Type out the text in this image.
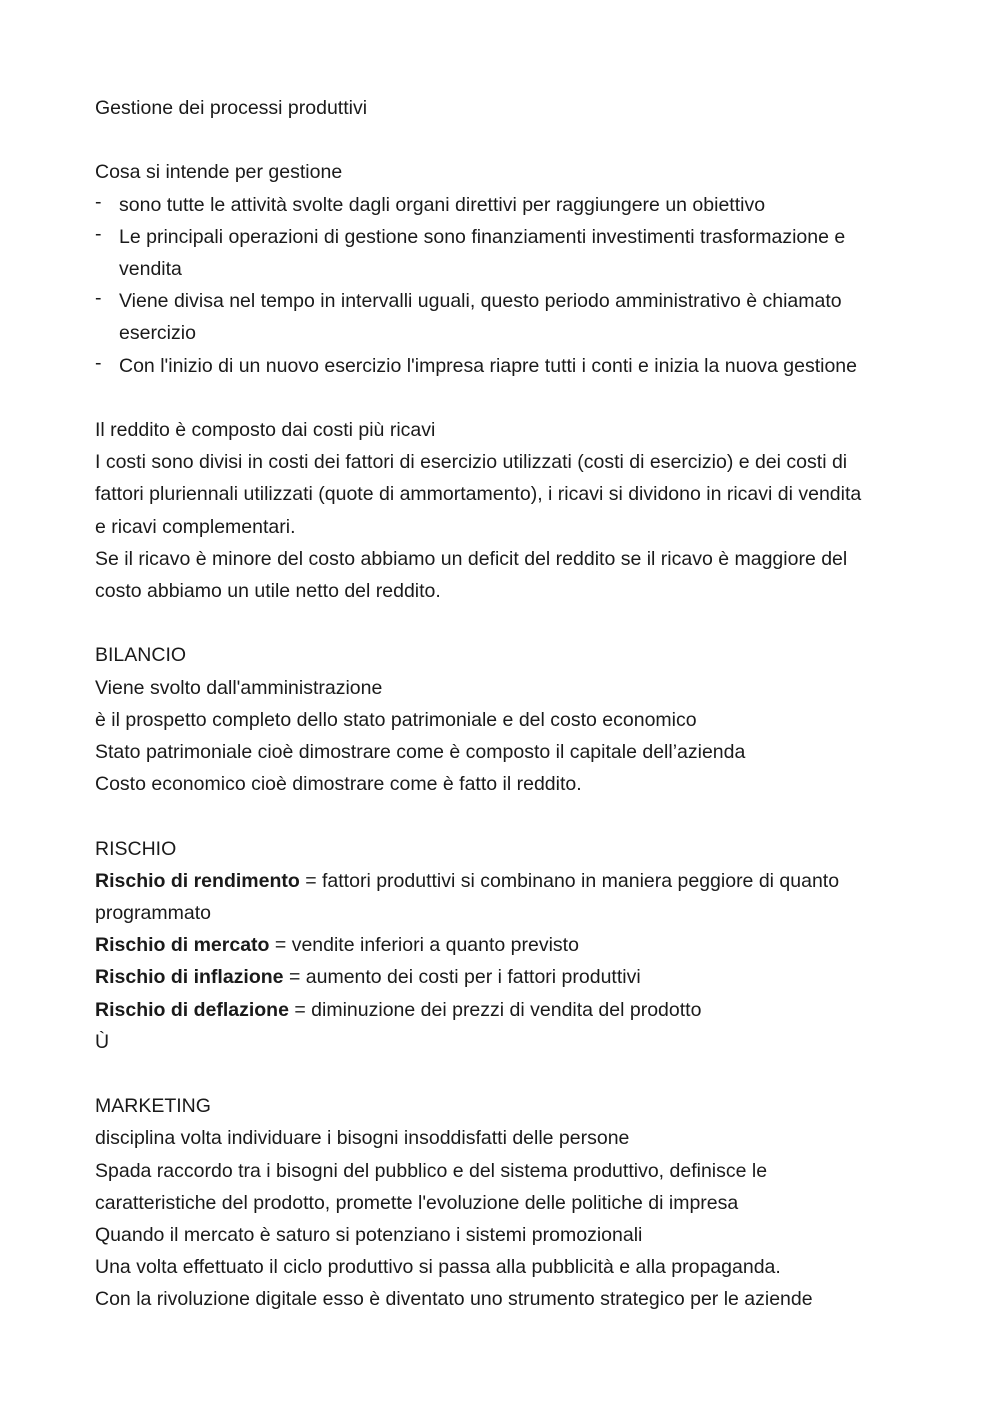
Gestione dei processi produttivi
Cosa si intende per gestione
- sono tutte le attività svolte dagli organi direttivi per raggiungere un obiettivo
- Le principali operazioni di gestione sono finanziamenti investimenti trasformazione e vendita
- Viene divisa nel tempo in intervalli uguali, questo periodo amministrativo è chiamato esercizio
- Con l'inizio di un nuovo esercizio l'impresa riapre tutti i conti e inizia la nuova gestione
Il reddito è composto dai costi più ricavi
I costi sono divisi in costi dei fattori di esercizio utilizzati (costi di esercizio) e dei costi di
fattori pluriennali utilizzati (quote di ammortamento), i ricavi si dividono in ricavi di vendita
e ricavi complementari.
Se il ricavo è minore del costo abbiamo un deficit del reddito se il ricavo è maggiore del
costo abbiamo un utile netto del reddito.
BILANCIO
Viene svolto dall'amministrazione
è il prospetto completo dello stato patrimoniale e del costo economico
Stato patrimoniale cioè dimostrare come è composto il capitale dell’azienda
Costo economico cioè dimostrare come è fatto il reddito.
RISCHIO
Rischio di rendimento = fattori produttivi si combinano in maniera peggiore di quanto
programmato
Rischio di mercato = vendite inferiori a quanto previsto
Rischio di inflazione = aumento dei costi per i fattori produttivi
Rischio di deflazione = diminuzione dei prezzi di vendita del prodotto
Ù
MARKETING
disciplina volta individuare i bisogni insoddisfatti delle persone
Spada raccordo tra i bisogni del pubblico e del sistema produttivo, definisce le
caratteristiche del prodotto, promette l'evoluzione delle politiche di impresa
Quando il mercato è saturo si potenziano i sistemi promozionali
Una volta effettuato il ciclo produttivo si passa alla pubblicità e alla propaganda.
Con la rivoluzione digitale esso è diventato uno strumento strategico per le aziende
